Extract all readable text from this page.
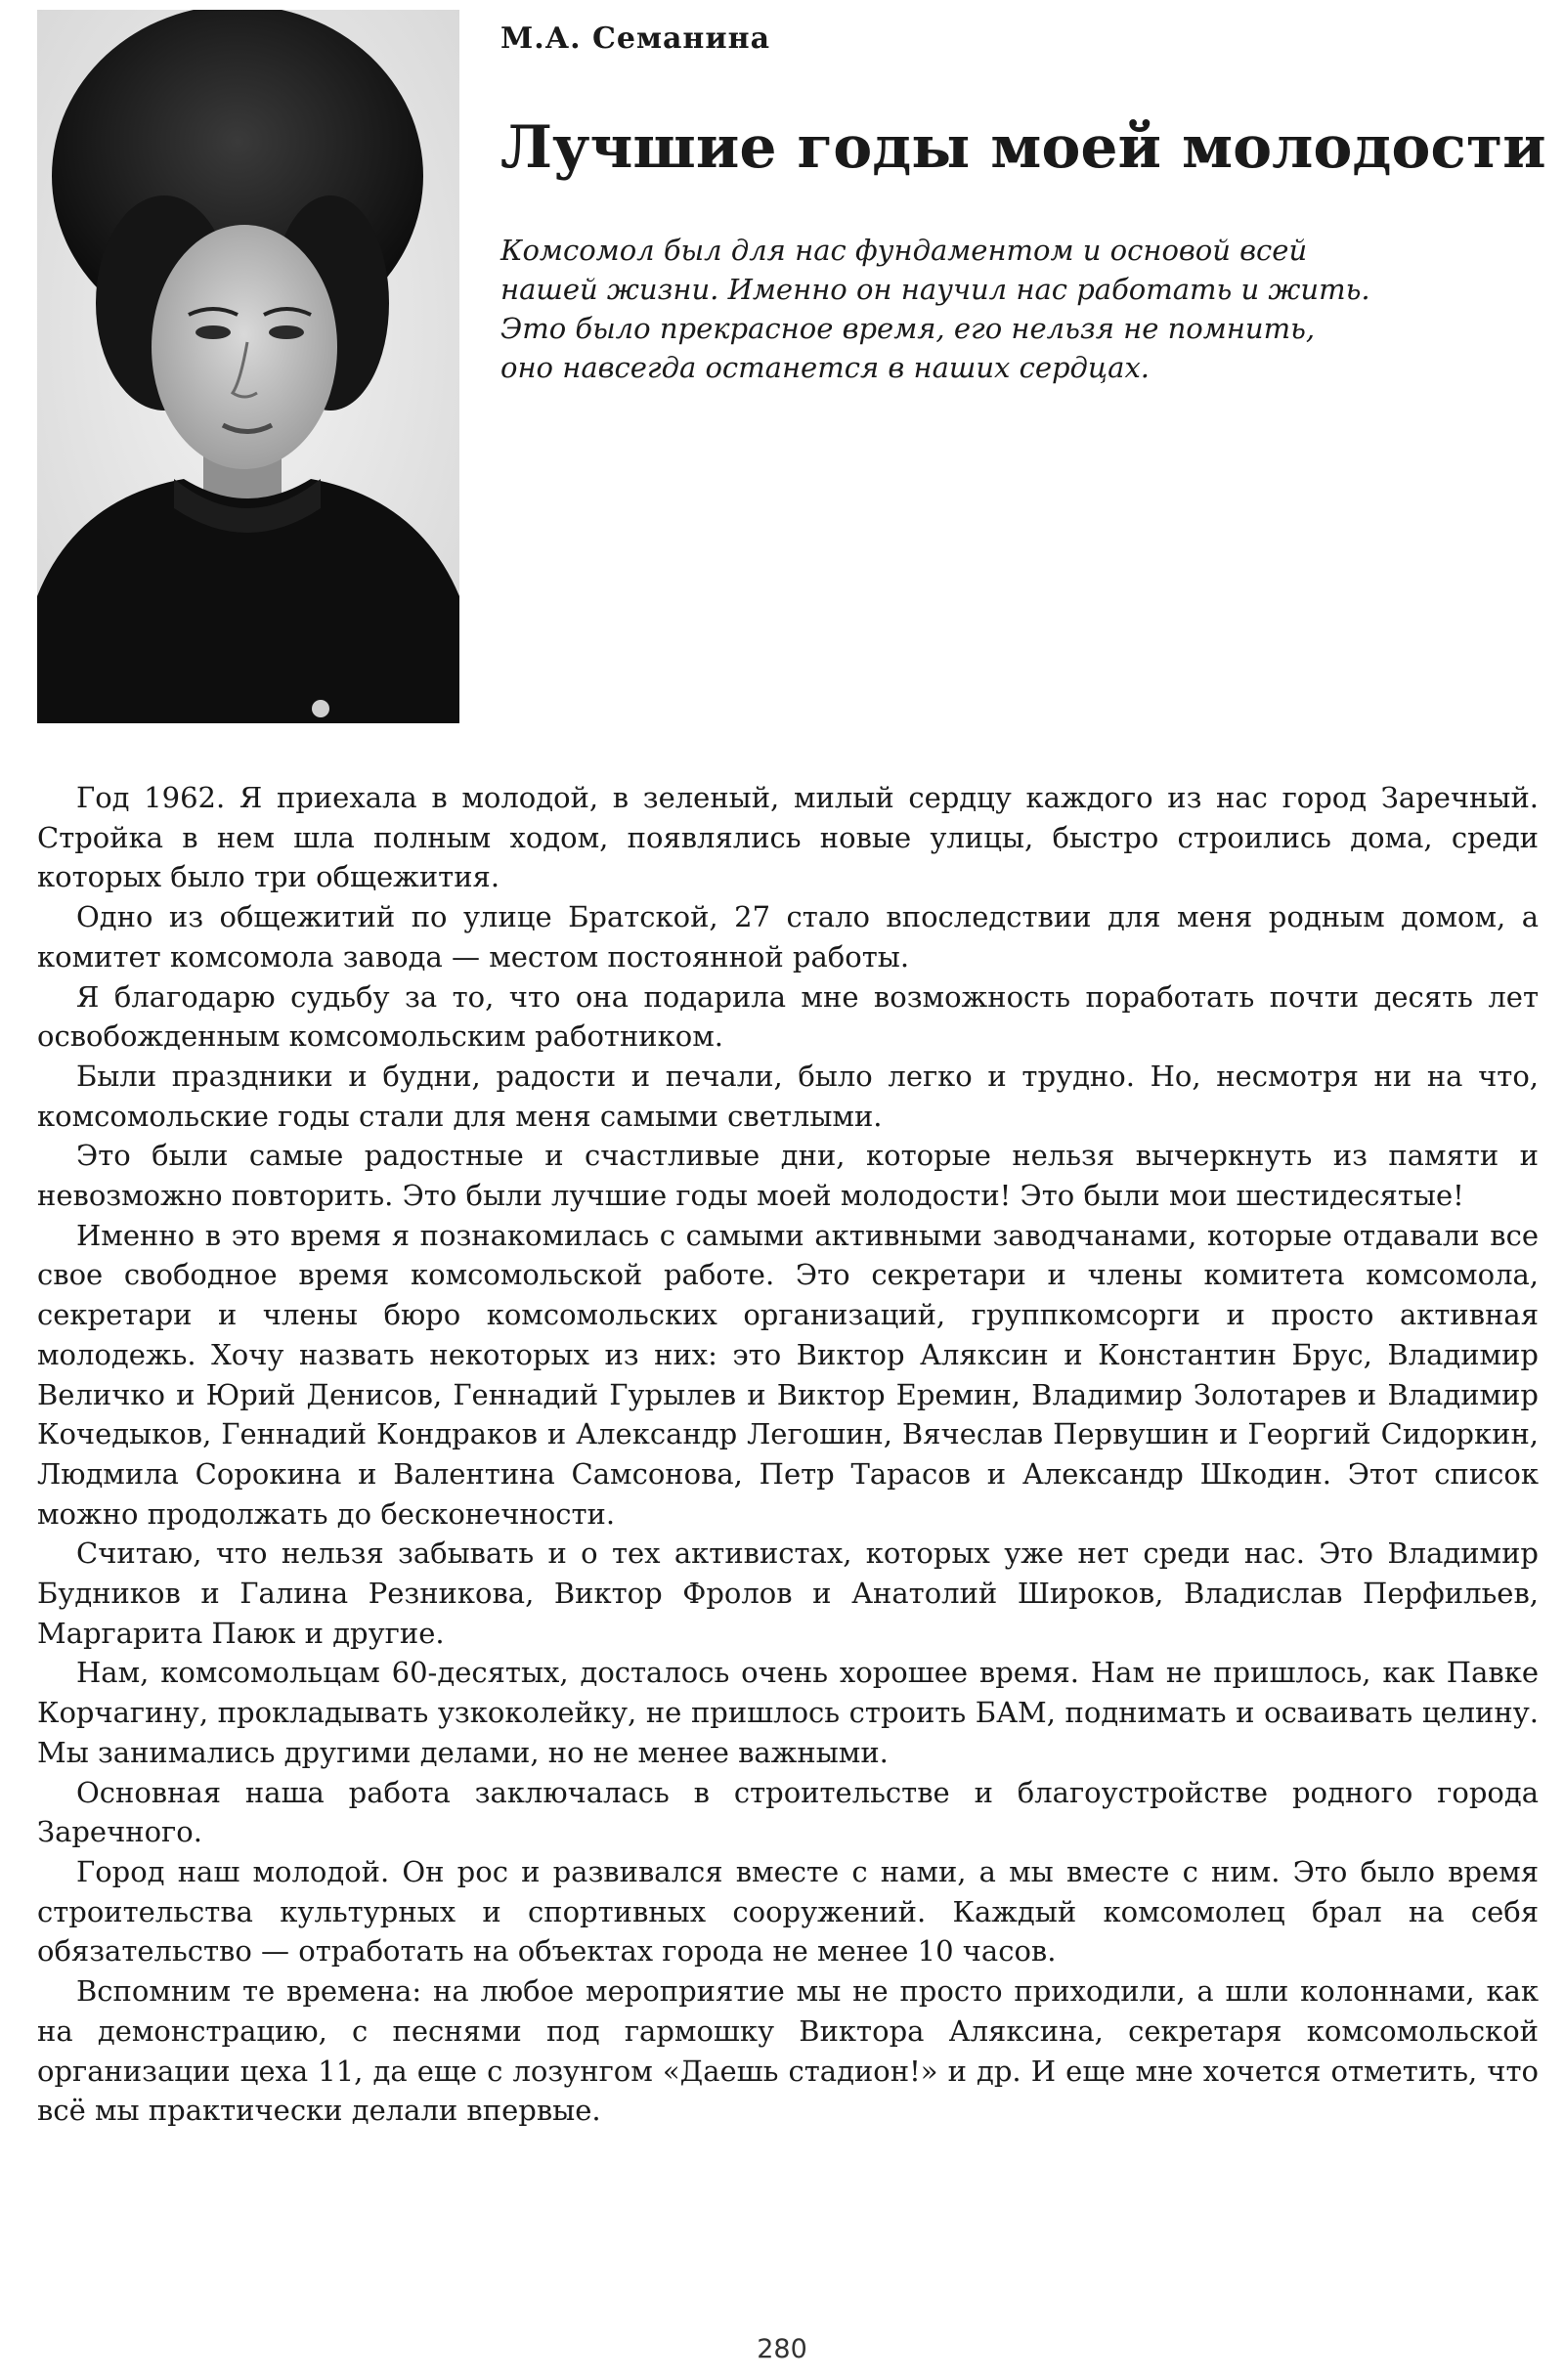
М.А. Семанина
Лучшие годы моей молодости
Комсомол был для нас фундаментом и основой всей
нашей жизни. Именно он научил нас работать и жить.
Это было прекрасное время, его нельзя не помнить,
оно навсегда останется в наших сердцах.

Год 1962. Я приехала в молодой, в зеленый, милый сердцу каждого из нас город Заречный. Стройка в нем шла полным ходом, появлялись новые улицы, быстро строились дома, среди которых было три общежития.

Одно из общежитий по улице Братской, 27 стало впоследствии для меня родным домом, а комитет комсомола завода — местом постоянной работы.

Я благодарю судьбу за то, что она подарила мне возможность поработать почти десять лет освобожденным комсомольским работником.

Были праздники и будни, радости и печали, было легко и трудно. Но, несмотря ни на что, комсомольские годы стали для меня самыми светлыми.

Это были самые радостные и счастливые дни, которые нельзя вычеркнуть из памяти и невозможно повторить. Это были лучшие годы моей молодости! Это были мои шестидесятые!

Именно в это время я познакомилась с самыми активными заводчанами, которые отдавали все свое свободное время комсомольской работе. Это секретари и члены комитета комсомола, секретари и члены бюро комсомольских организаций, группкомсорги и просто активная молодежь. Хочу назвать некоторых из них: это Виктор Аляксин и Константин Брус, Владимир Величко и Юрий Денисов, Геннадий Гурылев и Виктор Еремин, Владимир Золотарев и Владимир Кочедыков, Геннадий Кондраков и Александр Легошин, Вячеслав Первушин и Георгий Сидоркин, Людмила Сорокина и Валентина Самсонова, Петр Тарасов и Александр Шкодин. Этот список можно продолжать до бесконечности.

Считаю, что нельзя забывать и о тех активистах, которых уже нет среди нас. Это Владимир Будников и Галина Резникова, Виктор Фролов и Анатолий Широков, Владислав Перфильев, Маргарита Паюк и другие.

Нам, комсомольцам 60-десятых, досталось очень хорошее время. Нам не пришлось, как Павке Корчагину, прокладывать узкоколейку, не пришлось строить БАМ, поднимать и осваивать целину. Мы занимались другими делами, но не менее важными.

Основная наша работа заключалась в строительстве и благоустройстве родного города Заречного.

Город наш молодой. Он рос и развивался вместе с нами, а мы вместе с ним. Это было время строительства культурных и спортивных сооружений. Каждый комсомолец брал на себя обязательство — отработать на объектах города не менее 10 часов.

Вспомним те времена: на любое мероприятие мы не просто приходили, а шли колоннами, как на демонстрацию, с песнями под гармошку Виктора Аляксина, секретаря комсомольской организации цеха 11, да еще с лозунгом «Даешь стадион!» и др. И еще мне хочется отметить, что всё мы практически делали впервые.

280
